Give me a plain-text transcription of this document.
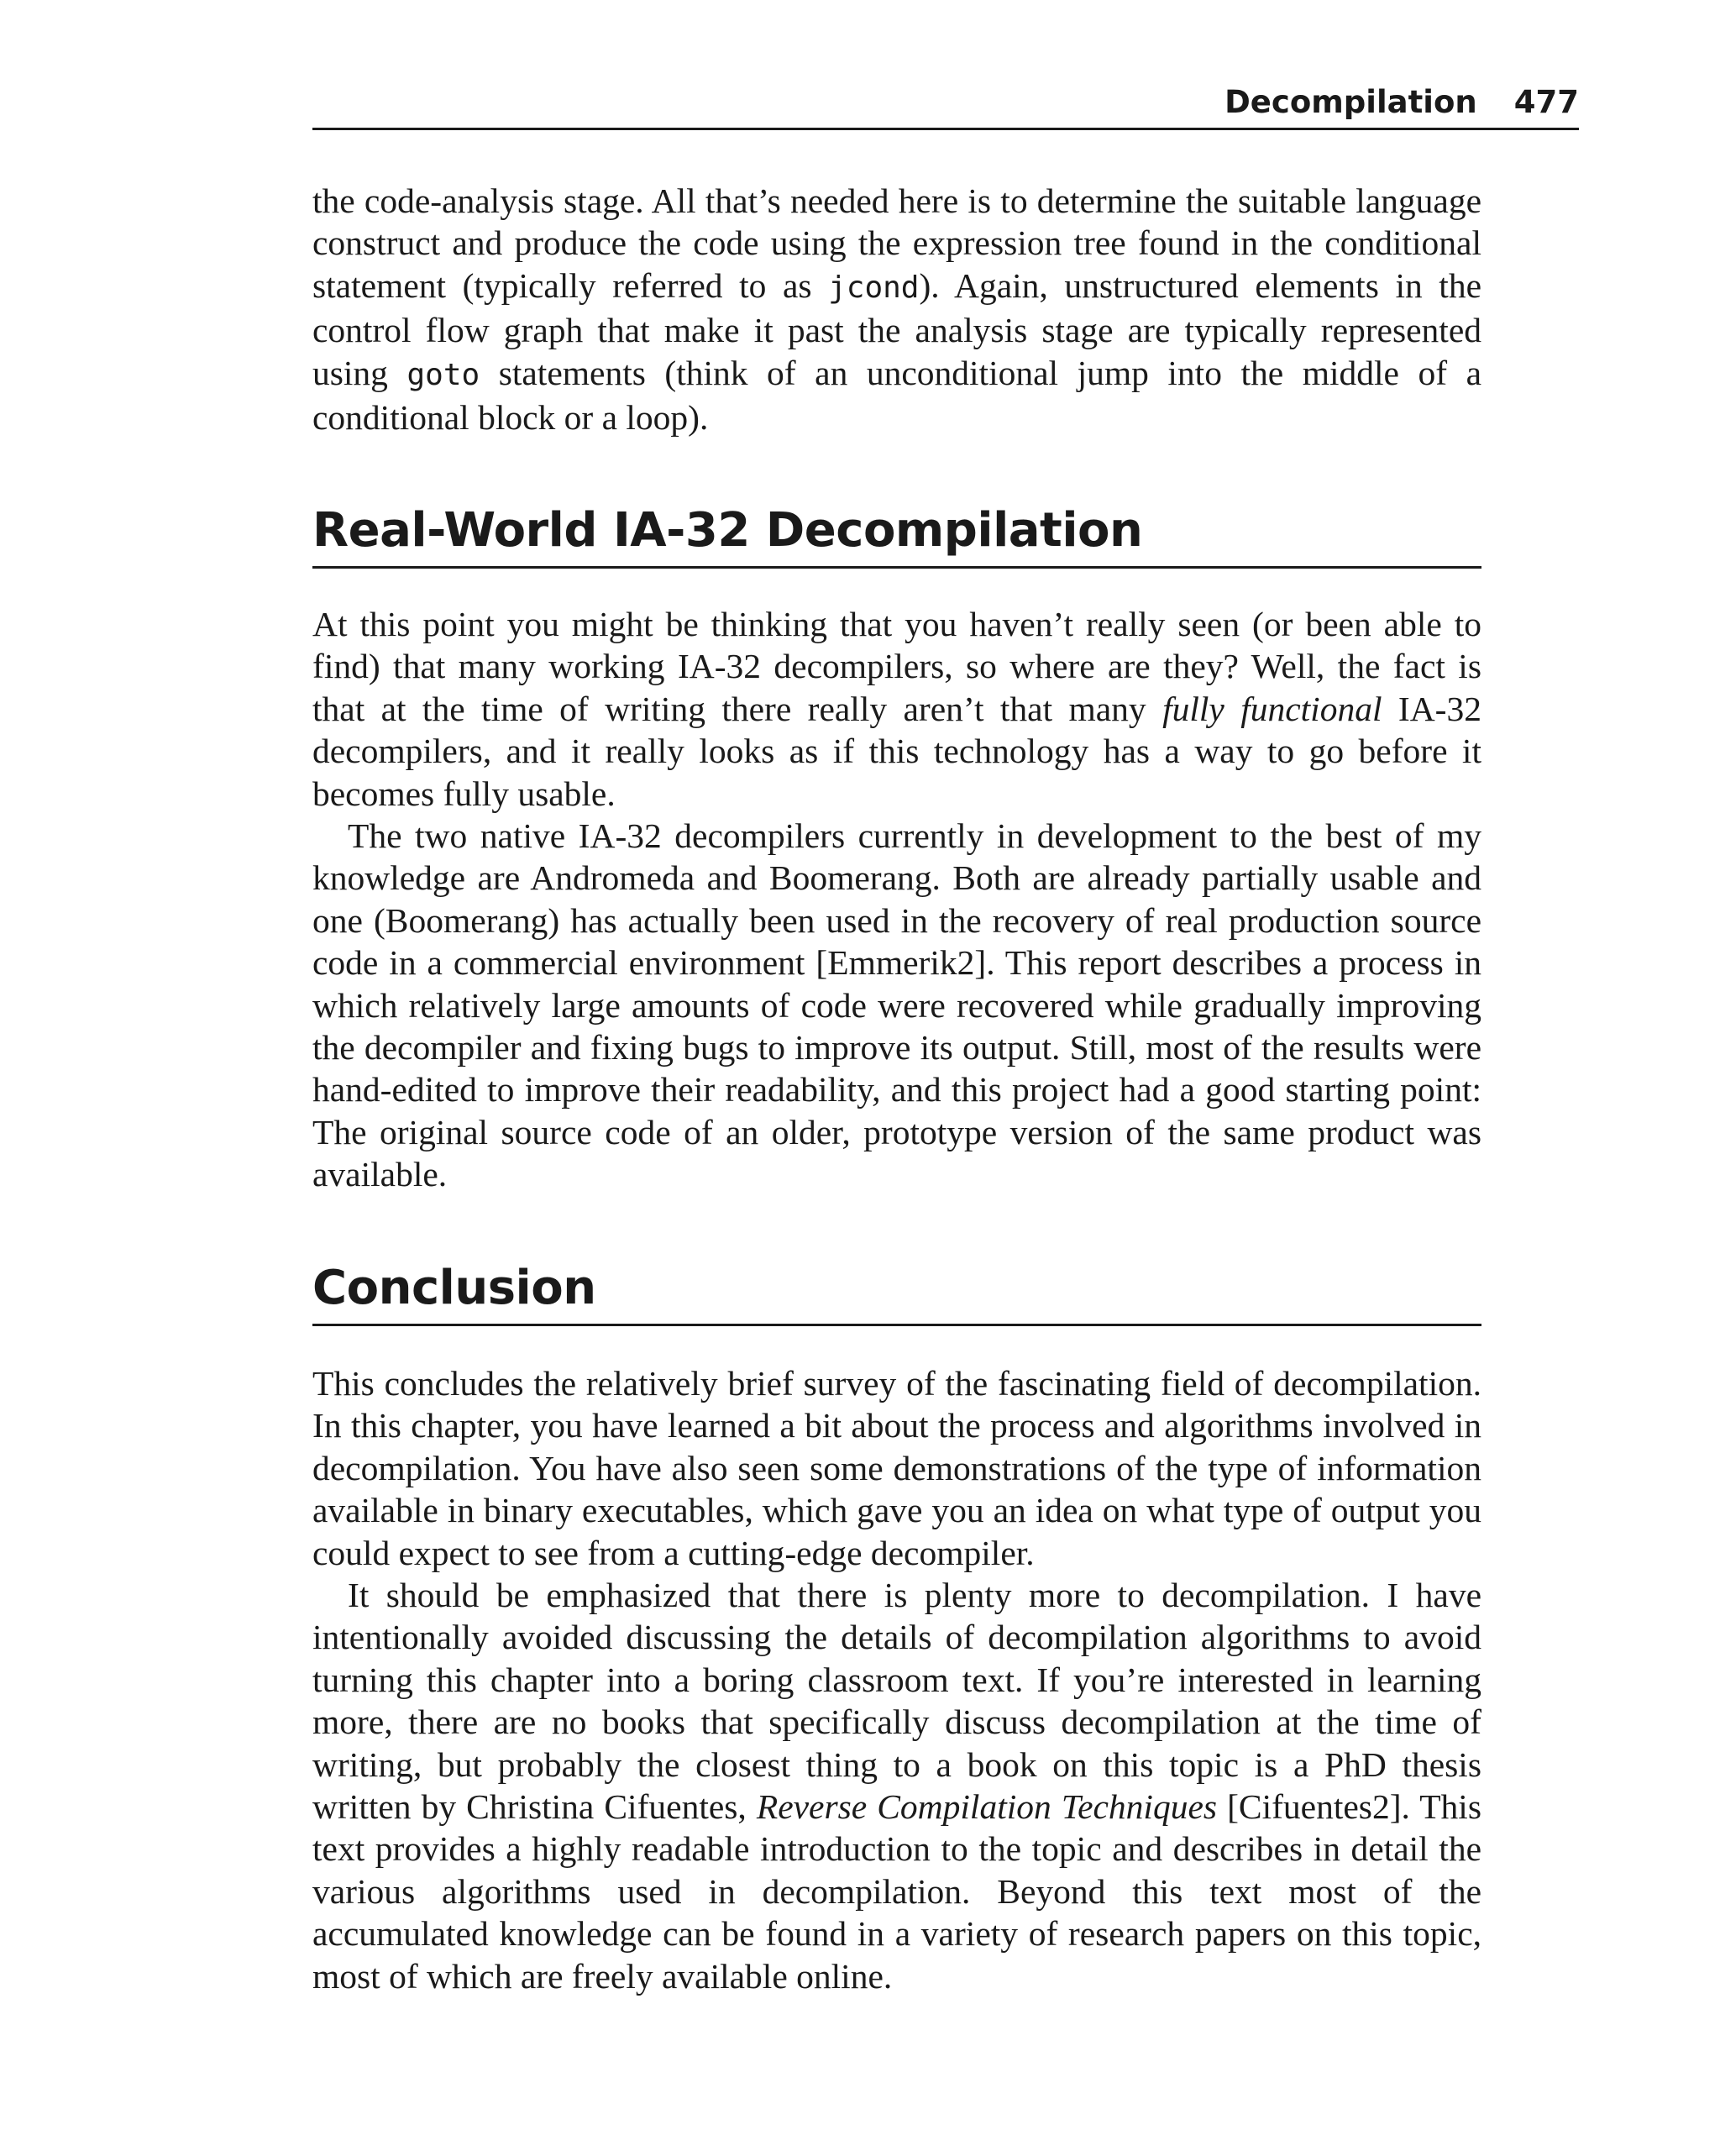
Decompilation 477

the code-analysis stage. All that’s needed here is to determine the suitable language construct and produce the code using the expression tree found in the conditional statement (typically referred to as jcond). Again, unstructured elements in the control flow graph that make it past the analysis stage are typically represented using goto statements (think of an unconditional jump into the middle of a conditional block or a loop).

Real-World IA-32 Decompilation

At this point you might be thinking that you haven’t really seen (or been able to find) that many working IA-32 decompilers, so where are they? Well, the fact is that at the time of writing there really aren’t that many fully functional IA-32 decompilers, and it really looks as if this technology has a way to go before it becomes fully usable.

The two native IA-32 decompilers currently in development to the best of my knowledge are Andromeda and Boomerang. Both are already partially usable and one (Boomerang) has actually been used in the recovery of real production source code in a commercial environment [Emmerik2]. This report describes a process in which relatively large amounts of code were recovered while gradually improving the decompiler and fixing bugs to improve its output. Still, most of the results were hand-edited to improve their readability, and this project had a good starting point: The original source code of an older, prototype version of the same product was available.

Conclusion

This concludes the relatively brief survey of the fascinating field of decompilation. In this chapter, you have learned a bit about the process and algorithms involved in decompilation. You have also seen some demonstrations of the type of information available in binary executables, which gave you an idea on what type of output you could expect to see from a cutting-edge decompiler.

It should be emphasized that there is plenty more to decompilation. I have intentionally avoided discussing the details of decompilation algorithms to avoid turning this chapter into a boring classroom text. If you’re interested in learning more, there are no books that specifically discuss decompilation at the time of writing, but probably the closest thing to a book on this topic is a PhD thesis written by Christina Cifuentes, Reverse Compilation Techniques [Cifuentes2]. This text provides a highly readable introduction to the topic and describes in detail the various algorithms used in decompilation. Beyond this text most of the accumulated knowledge can be found in a variety of research papers on this topic, most of which are freely available online.
